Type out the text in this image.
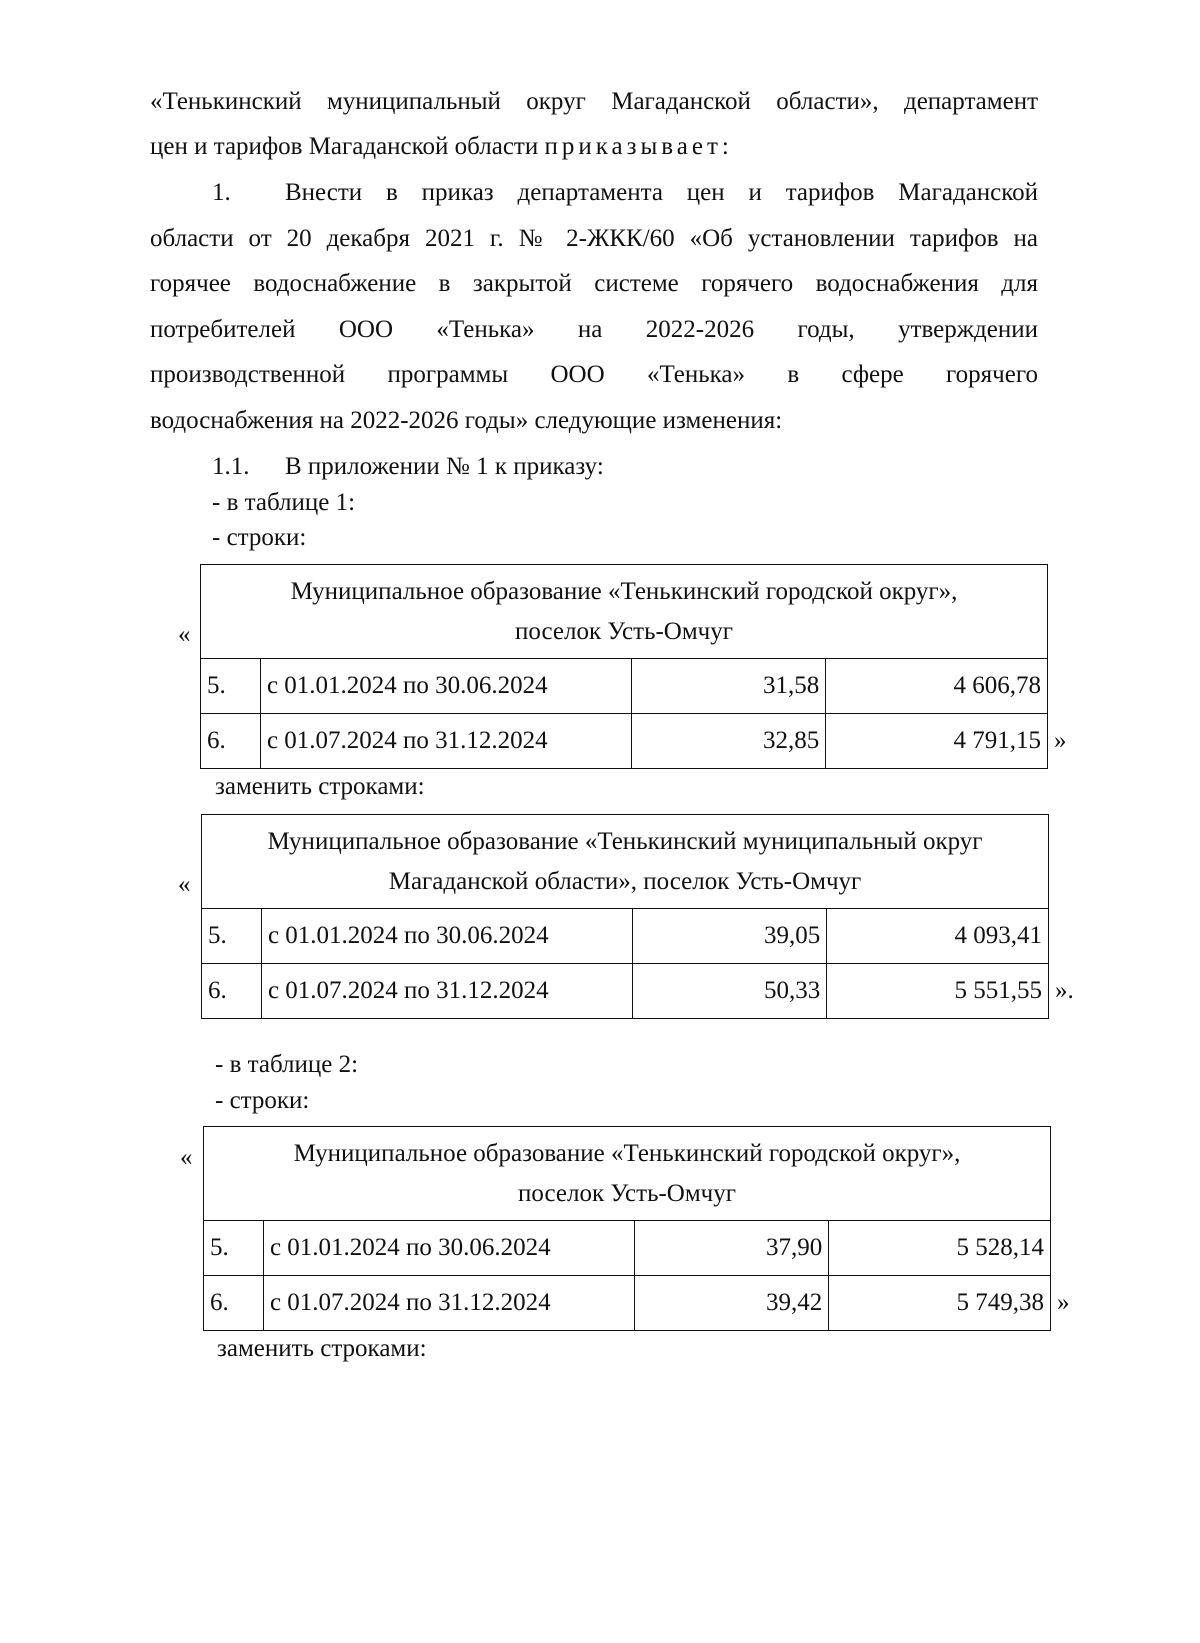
«Тенькинский муниципальный округ Магаданской области», департамент
цен и тарифов Магаданской области приказывает:
1. Внести в приказ департамента цен и тарифов Магаданской
области от 20 декабря 2021 г. № 2-ЖКК/60 «Об установлении тарифов на
горячее водоснабжение в закрытой системе горячего водоснабжения для
потребителей ООО «Тенька» на 2022-2026 годы, утверждении
производственной программы ООО «Тенька» в сфере горячего
водоснабжения на 2022-2026 годы» следующие изменения:
1.1. В приложении № 1 к приказу:
- в таблице 1:
- строки:
«
Муниципальное образование «Тенькинский городской округ»,
поселок Усть-Омчуг			

5.	с 01.01.2024 по 30.06.2024	31,58	4 606,78
6.	с 01.07.2024 по 31.12.2024	32,85	4 791,15 »
заменить строками:
«
Муниципальное образование «Тенькинский муниципальный округ
Магаданской области», поселок Усть-Омчуг			

5.	с 01.01.2024 по 30.06.2024	39,05	4 093,41
6.	с 01.07.2024 по 31.12.2024	50,33	5 551,55 ».
- в таблице 2:
- строки:
«	Муниципальное образование «Тенькинский городской округ»,
поселок Усть-Омчуг			

5.	с 01.01.2024 по 30.06.2024	37,90	5 528,14
6.	с 01.07.2024 по 31.12.2024	39,42	5 749,38 »
заменить строками:
